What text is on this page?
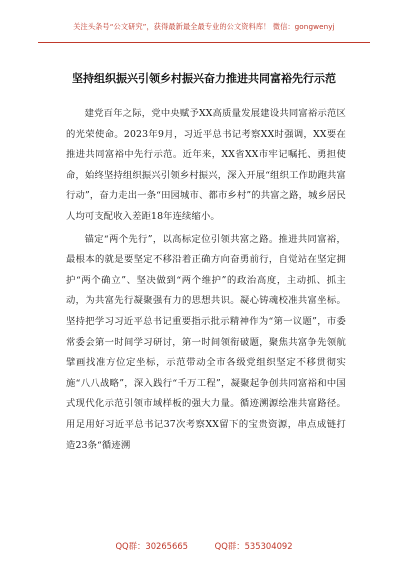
关注头条号“公文研究”，获得最新最全最专业的公文资料库！ 微信：gongwenyj
坚持组织振兴引领乡村振兴奋力推进共同富裕先行示范

建党百年之际，党中央赋予XX高质量发展建设共同富裕示范区的光荣使命。2023年9月，习近平总书记考察XX时强调，XX要在推进共同富裕中先行示范。近年来，XX省XX市牢记嘱托、勇担使命，始终坚持组织振兴引领乡村振兴，深入开展“组织工作助跑共富行动”，奋力走出一条“田园城市、都市乡村”的共富之路，城乡居民人均可支配收入差距18年连续缩小。

锚定“两个先行”，以高标定位引领共富之路。推进共同富裕，最根本的就是要坚定不移沿着正确方向奋勇前行，自觉站在坚定拥护“两个确立”、坚决做到“两个维护”的政治高度，主动抓、抓主动，为共富先行凝聚强有力的思想共识。凝心铸魂校准共富坐标。坚持把学习习近平总书记重要指示批示精神作为“第一议题”，市委常委会第一时间学习研讨，第一时间领衔破题，聚焦共富争先领航擘画找准方位定坐标，示范带动全市各级党组织坚定不移贯彻实施“八八战略”，深入践行“千万工程”，凝聚起争创共同富裕和中国式现代化示范引领市域样板的强大力量。循迹溯源绘准共富路径。用足用好习近平总书记37次考察XX留下的宝贵资源，串点成链打造23条“循迹溯

QQ群：30265665	QQ群：535304092
